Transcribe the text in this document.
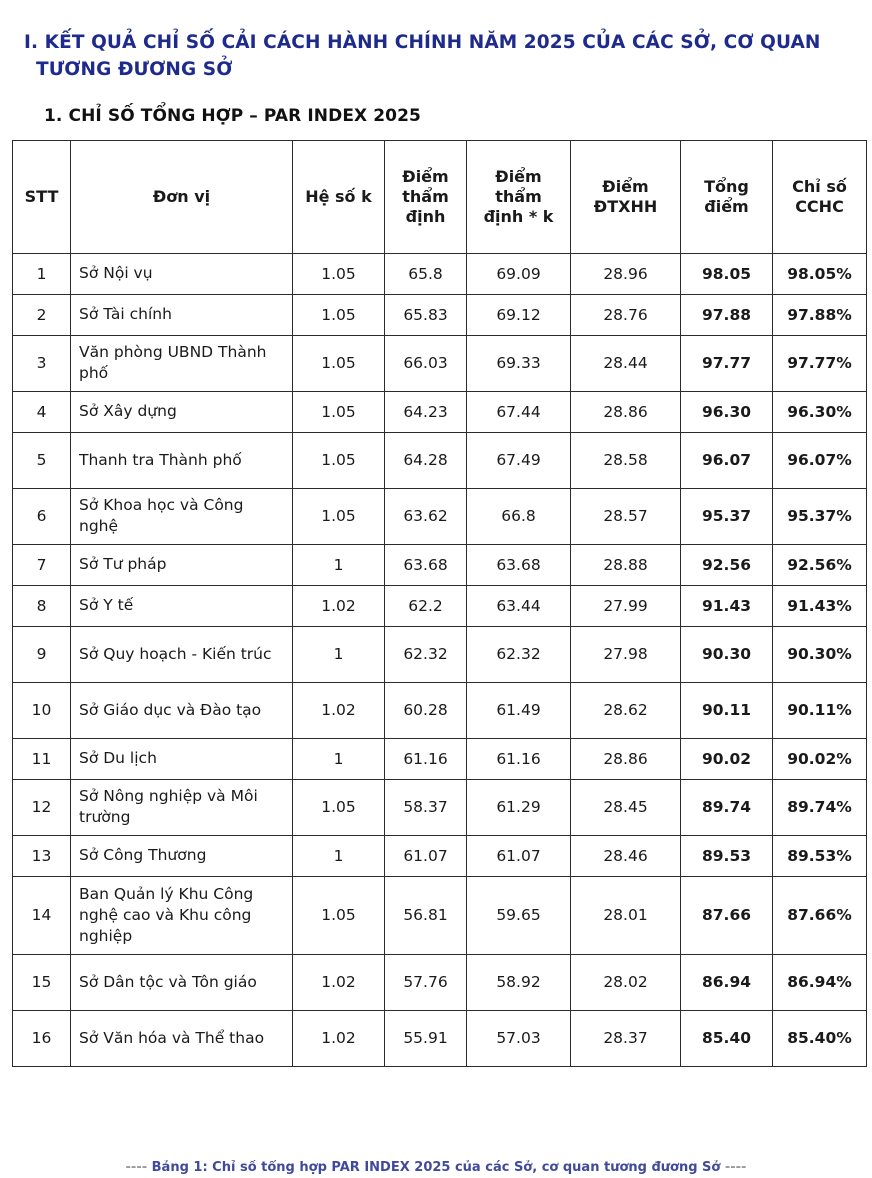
I. KẾT QUẢ CHỈ SỐ CẢI CÁCH HÀNH CHÍNH NĂM 2025 CỦA CÁC SỞ, CƠ QUAN TƯƠNG ĐƯƠNG SỞ
1. CHỈ SỐ TỔNG HỢP – PAR INDEX 2025
STT	Đơn vị	Hệ số k	Điểm thẩm định	Điểm thẩm định * k	Điểm ĐTXHH	Tổng điểm	Chỉ số CCHC
1	Sở Nội vụ	1.05	65.8	69.09	28.96	98.05	98.05%
2	Sở Tài chính	1.05	65.83	69.12	28.76	97.88	97.88%
3	Văn phòng UBND Thành phố	1.05	66.03	69.33	28.44	97.77	97.77%
4	Sở Xây dựng	1.05	64.23	67.44	28.86	96.30	96.30%
5	Thanh tra Thành phố	1.05	64.28	67.49	28.58	96.07	96.07%
6	Sở Khoa học và Công nghệ	1.05	63.62	66.8	28.57	95.37	95.37%
7	Sở Tư pháp	1	63.68	63.68	28.88	92.56	92.56%
8	Sở Y tế	1.02	62.2	63.44	27.99	91.43	91.43%
9	Sở Quy hoạch - Kiến trúc	1	62.32	62.32	27.98	90.30	90.30%
10	Sở Giáo dục và Đào tạo	1.02	60.28	61.49	28.62	90.11	90.11%
11	Sở Du lịch	1	61.16	61.16	28.86	90.02	90.02%
12	Sở Nông nghiệp và Môi trường	1.05	58.37	61.29	28.45	89.74	89.74%
13	Sở Công Thương	1	61.07	61.07	28.46	89.53	89.53%
14	Ban Quản lý Khu Công nghệ cao và Khu công nghiệp	1.05	56.81	59.65	28.01	87.66	87.66%
15	Sở Dân tộc và Tôn giáo	1.02	57.76	58.92	28.02	86.94	86.94%
16	Sở Văn hóa và Thể thao	1.02	55.91	57.03	28.37	85.40	85.40%
---- Bảng 1: Chỉ số tổng hợp PAR INDEX 2025 của các Sở, cơ quan tương đương Sở ----
